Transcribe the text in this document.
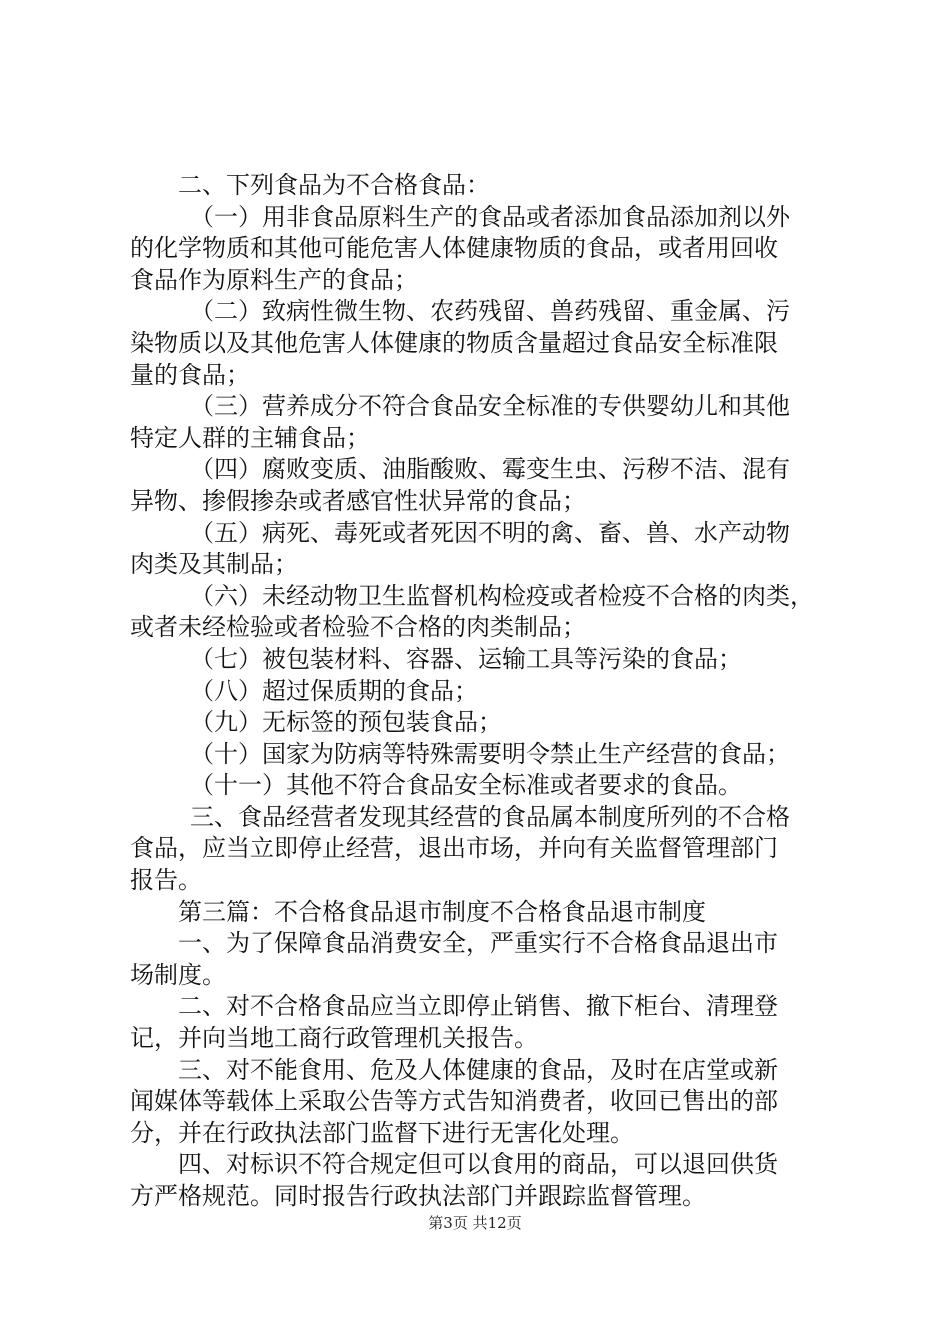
二、下列食品为不合格食品：
（一）用非食品原料生产的食品或者添加食品添加剂以外
的化学物质和其他可能危害人体健康物质的食品，或者用回收
食品作为原料生产的食品；
（二）致病性微生物、农药残留、兽药残留、重金属、污
染物质以及其他危害人体健康的物质含量超过食品安全标准限
量的食品；
（三）营养成分不符合食品安全标准的专供婴幼儿和其他
特定人群的主辅食品；
（四）腐败变质、油脂酸败、霉变生虫、污秽不洁、混有
异物、掺假掺杂或者感官性状异常的食品；
（五）病死、毒死或者死因不明的禽、畜、兽、水产动物
肉类及其制品；
（六）未经动物卫生监督机构检疫或者检疫不合格的肉类，
或者未经检验或者检验不合格的肉类制品；
（七）被包装材料、容器、运输工具等污染的食品；
（八）超过保质期的食品；
（九）无标签的预包装食品；
（十）国家为防病等特殊需要明令禁止生产经营的食品；
（十一）其他不符合食品安全标准或者要求的食品。
三、食品经营者发现其经营的食品属本制度所列的不合格
食品，应当立即停止经营，退出市场，并向有关监督管理部门
报告。
第三篇：不合格食品退市制度不合格食品退市制度
一、为了保障食品消费安全，严重实行不合格食品退出市
场制度。
二、对不合格食品应当立即停止销售、撤下柜台、清理登
记，并向当地工商行政管理机关报告。
三、对不能食用、危及人体健康的食品，及时在店堂或新
闻媒体等载体上采取公告等方式告知消费者，收回已售出的部
分，并在行政执法部门监督下进行无害化处理。
四、对标识不符合规定但可以食用的商品，可以退回供货
方严格规范。同时报告行政执法部门并跟踪监督管理。
第3页 共12页
